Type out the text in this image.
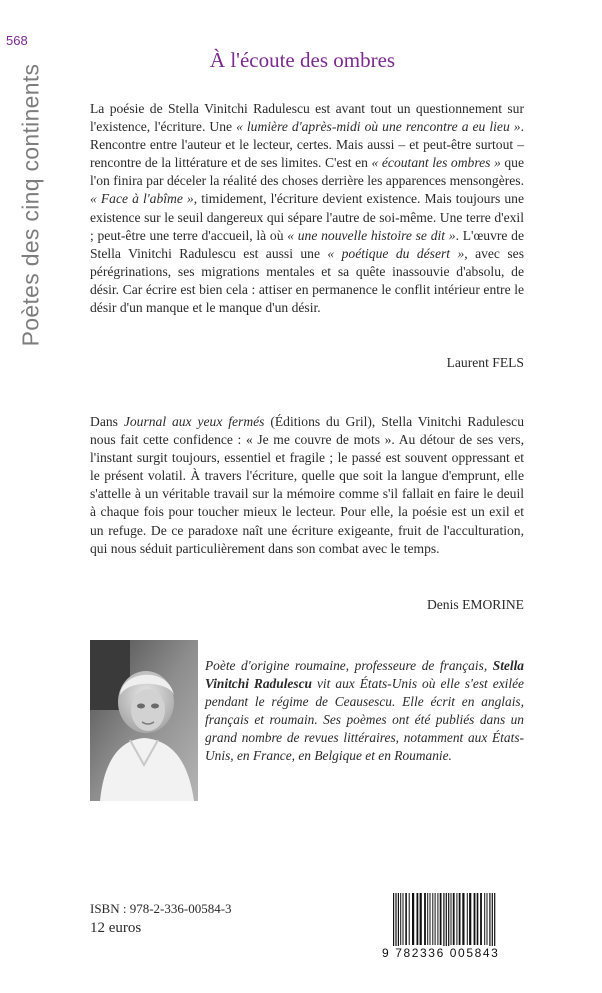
568
Poètes des cinq continents
À l'écoute des ombres

La poésie de Stella Vinitchi Radulescu est avant tout un questionnement sur l'existence, l'écriture. Une « lumière d'après-midi où une rencontre a eu lieu ». Rencontre entre l'auteur et le lecteur, certes. Mais aussi – et peut-être surtout – rencontre de la littérature et de ses limites. C'est en « écoutant les ombres » que l'on finira par déceler la réalité des choses derrière les apparences mensongères. « Face à l'abîme », timidement, l'écriture devient existence. Mais toujours une existence sur le seuil dangereux qui sépare l'autre de soi-même. Une terre d'exil ; peut-être une terre d'accueil, là où « une nouvelle histoire se dit ». L'œuvre de Stella Vinitchi Radulescu est aussi une « poétique du désert », avec ses pérégrinations, ses migrations mentales et sa quête inassouvie d'absolu, de désir. Car écrire est bien cela : attiser en permanence le conflit intérieur entre le désir d'un manque et le manque d'un désir.

Laurent FELS

Dans Journal aux yeux fermés (Éditions du Gril), Stella Vinitchi Radulescu nous fait cette confidence : « Je me couvre de mots ». Au détour de ses vers, l'instant surgit toujours, essentiel et fragile ; le passé est souvent oppressant et le présent volatil. À travers l'écriture, quelle que soit la langue d'emprunt, elle s'attelle à un véritable travail sur la mémoire comme s'il fallait en faire le deuil à chaque fois pour toucher mieux le lecteur. Pour elle, la poésie est un exil et un refuge. De ce paradoxe naît une écriture exigeante, fruit de l'acculturation, qui nous séduit particulièrement dans son combat avec le temps.

Denis EMORINE

Poète d'origine roumaine, professeure de français, Stella Vinitchi Radulescu vit aux États-Unis où elle s'est exilée pendant le régime de Ceausescu. Elle écrit en anglais, français et roumain. Ses poèmes ont été publiés dans un grand nombre de revues littéraires, notamment aux États-Unis, en France, en Belgique et en Roumanie.

ISBN : 978-2-336-00584-3
12 euros
9 782336 005843
